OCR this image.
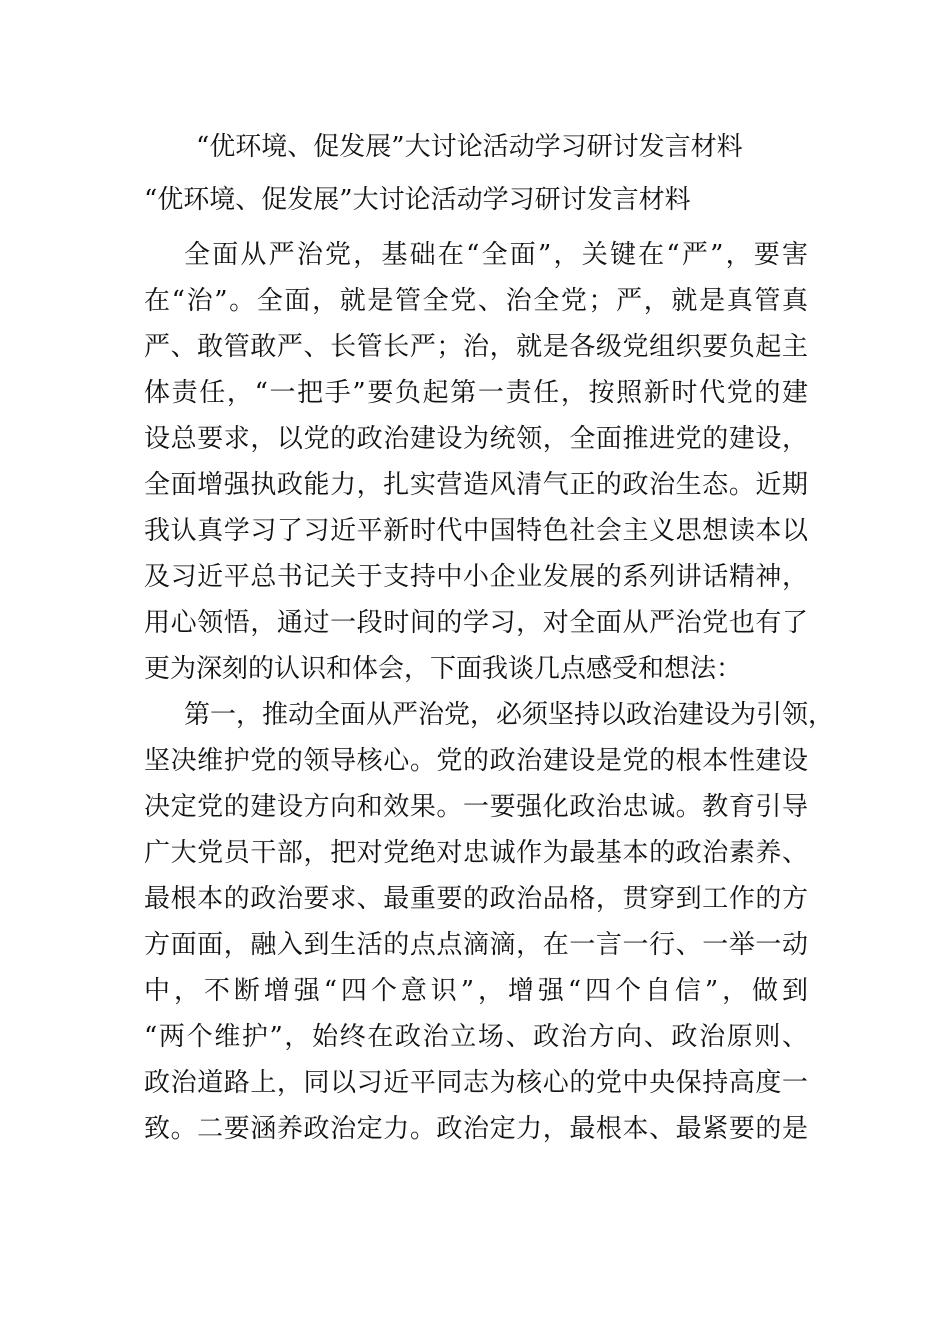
“优环境、促发展”大讨论活动学习研讨发言材料
“优环境、促发展”大讨论活动学习研讨发言材料

全面从严治党，基础在“全面”，关键在“严”，要害

在“治”。全面，就是管全党、治全党；严，就是真管真

严、敢管敢严、长管长严；治，就是各级党组织要负起主

体责任，“一把手”要负起第一责任，按照新时代党的建

设总要求，以党的政治建设为统领，全面推进党的建设，

全面增强执政能力，扎实营造风清气正的政治生态。近期

我认真学习了习近平新时代中国特色社会主义思想读本以

及习近平总书记关于支持中小企业发展的系列讲话精神，

用心领悟，通过一段时间的学习，对全面从严治党也有了

更为深刻的认识和体会，下面我谈几点感受和想法：

第一，推动全面从严治党，必须坚持以政治建设为引领，

坚决维护党的领导核心。党的政治建设是党的根本性建设

决定党的建设方向和效果。一要强化政治忠诚。教育引导

广大党员干部，把对党绝对忠诚作为最基本的政治素养、

最根本的政治要求、最重要的政治品格，贯穿到工作的方

方面面，融入到生活的点点滴滴，在一言一行、一举一动

中，不断增强“四个意识”，增强“四个自信”，做到

“两个维护”，始终在政治立场、政治方向、政治原则、

政治道路上，同以习近平同志为核心的党中央保持高度一

致。二要涵养政治定力。政治定力，最根本、最紧要的是
